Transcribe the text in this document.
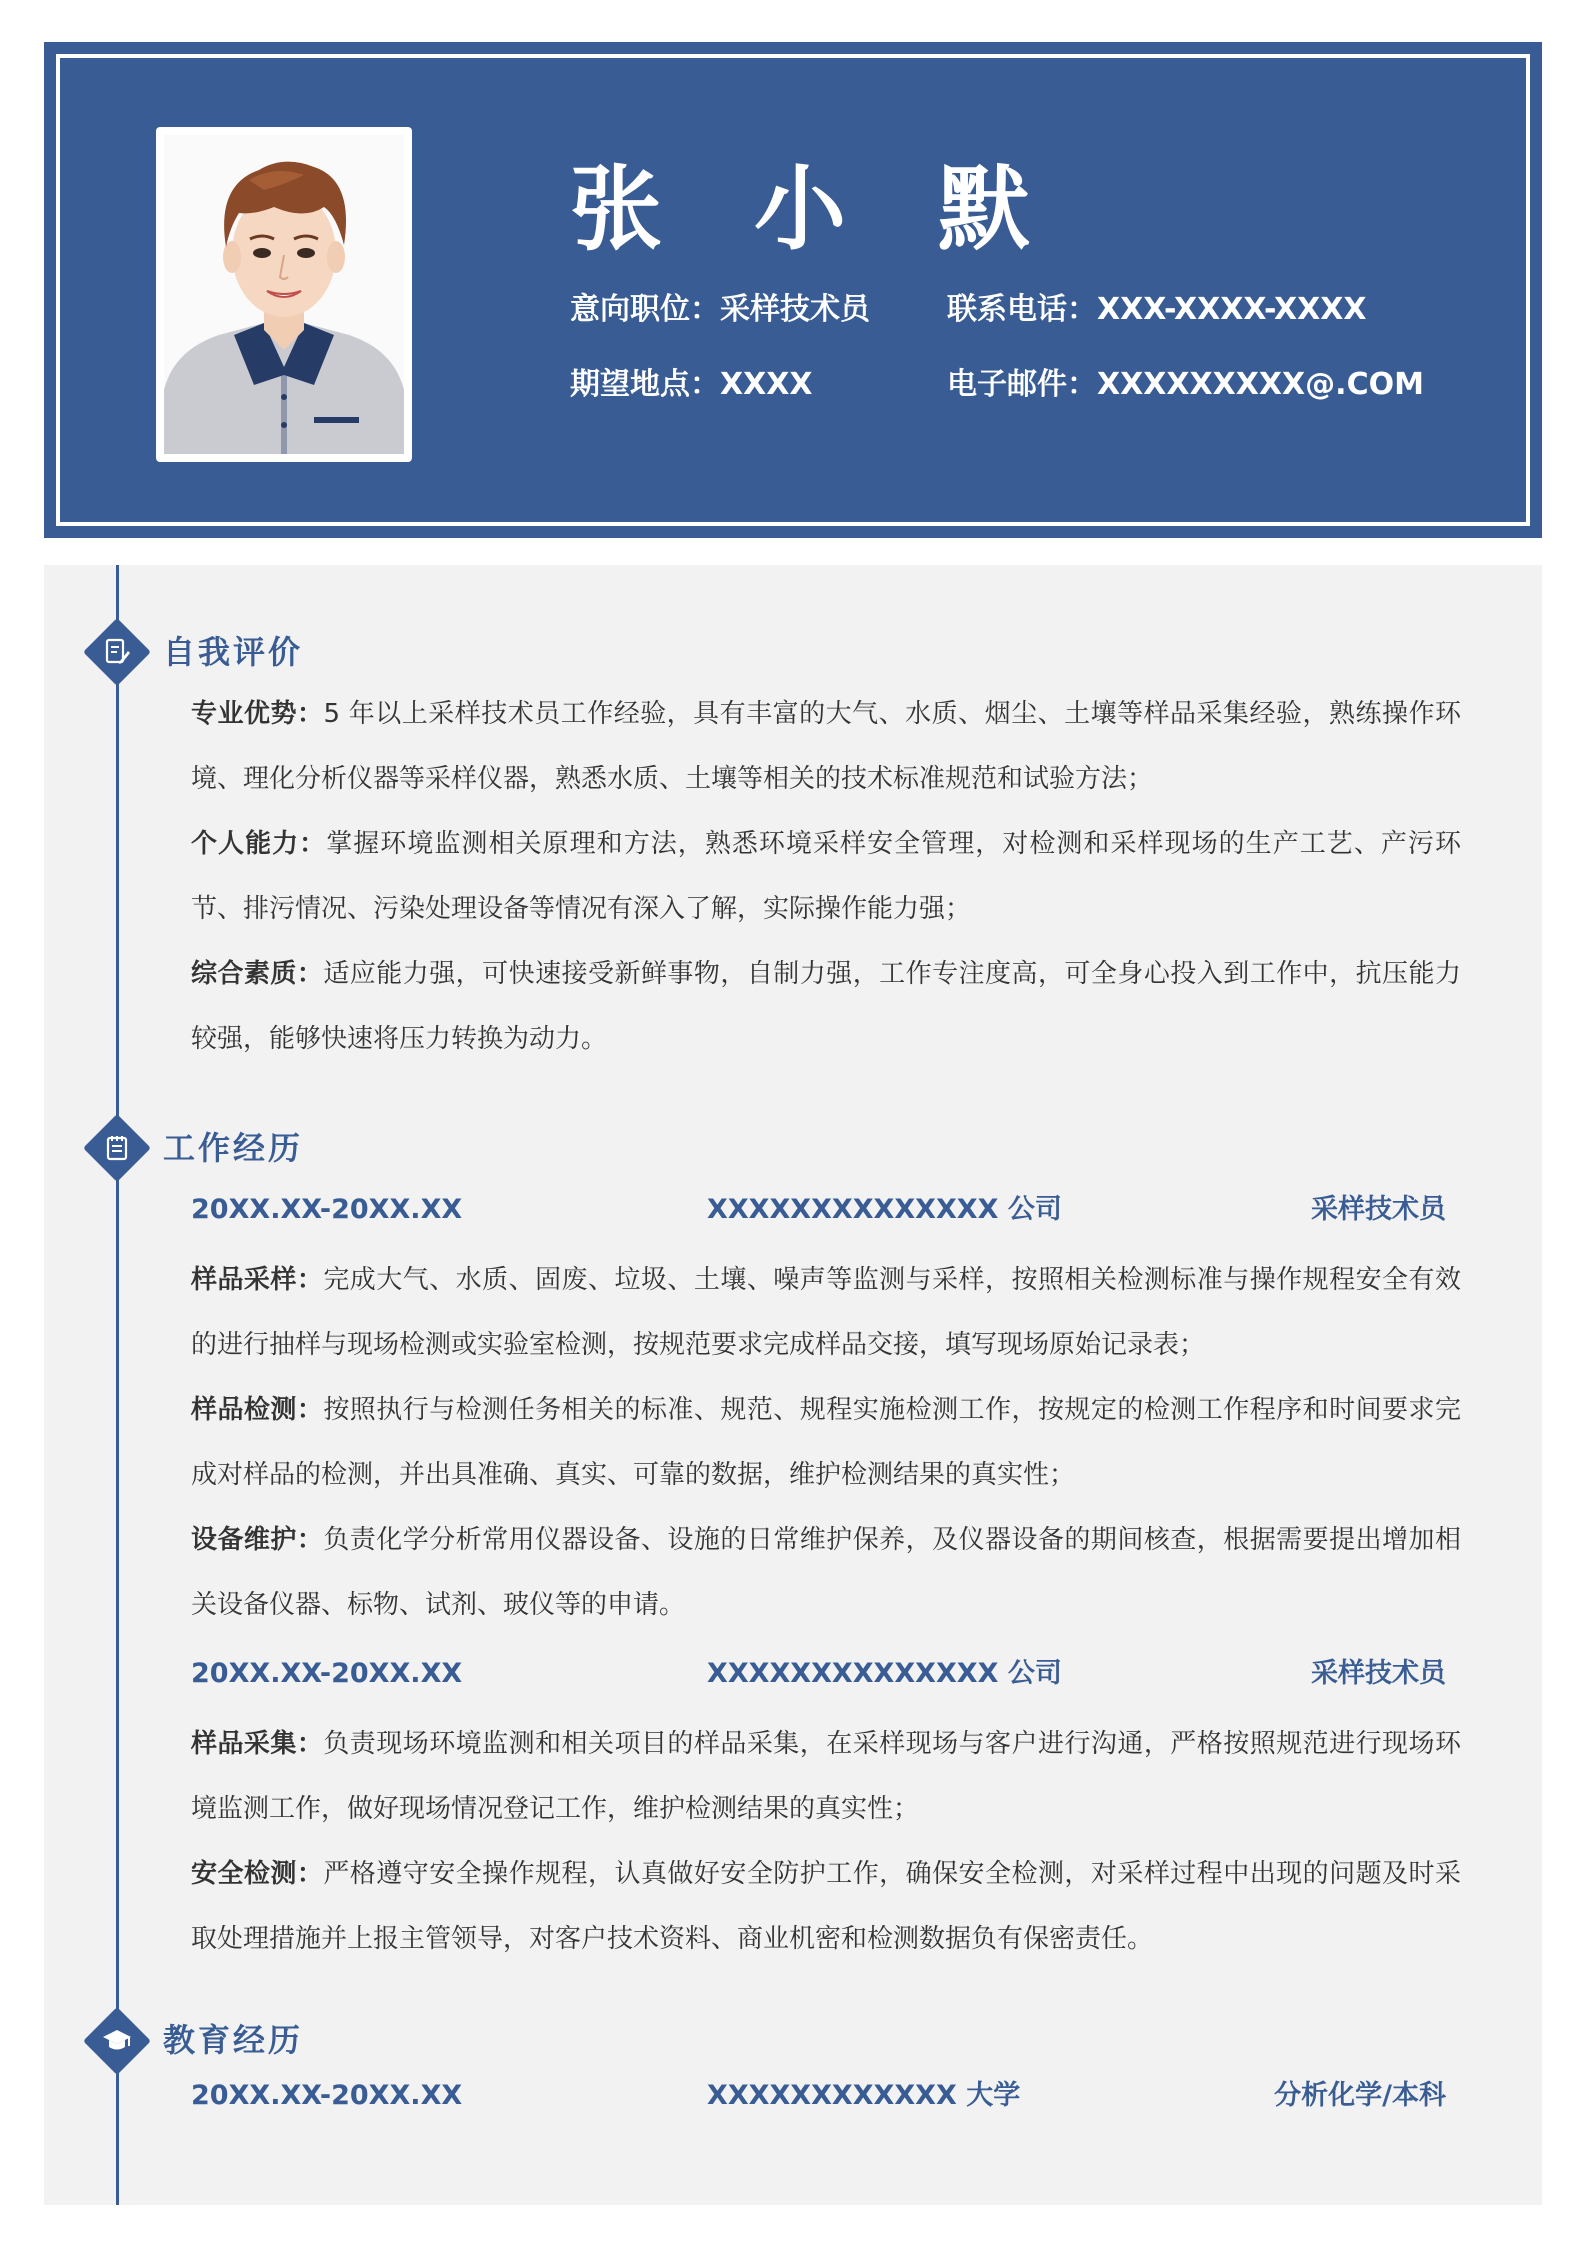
张 小 默
意向职位：采样技术员	联系电话：XXX-XXXX-XXXX
期望地点：XXXX	电子邮件：XXXXXXXXX@.COM
自我评价

专业优势：5 年以上采样技术员工作经验，具有丰富的大气、水质、烟尘、土壤等样品采集经验，熟练操作环境、理化分析仪器等采样仪器，熟悉水质、土壤等相关的技术标准规范和试验方法；

个人能力：掌握环境监测相关原理和方法，熟悉环境采样安全管理，对检测和采样现场的生产工艺、产污环节、排污情况、污染处理设备等情况有深入了解，实际操作能力强；

综合素质：适应能力强，可快速接受新鲜事物，自制力强，工作专注度高，可全身心投入到工作中，抗压能力较强，能够快速将压力转换为动力。

工作经历
20XX.XX-20XX.XX	XXXXXXXXXXXXXX 公司	采样技术员

样品采样：完成大气、水质、固废、垃圾、土壤、噪声等监测与采样，按照相关检测标准与操作规程安全有效的进行抽样与现场检测或实验室检测，按规范要求完成样品交接，填写现场原始记录表；

样品检测：按照执行与检测任务相关的标准、规范、规程实施检测工作，按规定的检测工作程序和时间要求完成对样品的检测，并出具准确、真实、可靠的数据，维护检测结果的真实性；

设备维护：负责化学分析常用仪器设备、设施的日常维护保养，及仪器设备的期间核查，根据需要提出增加相关设备仪器、标物、试剂、玻仪等的申请。

20XX.XX-20XX.XX	XXXXXXXXXXXXXX 公司	采样技术员

样品采集：负责现场环境监测和相关项目的样品采集，在采样现场与客户进行沟通，严格按照规范进行现场环境监测工作，做好现场情况登记工作，维护检测结果的真实性；

安全检测：严格遵守安全操作规程，认真做好安全防护工作，确保安全检测，对采样过程中出现的问题及时采取处理措施并上报主管领导，对客户技术资料、商业机密和检测数据负有保密责任。

教育经历
20XX.XX-20XX.XX	XXXXXXXXXXXX 大学	分析化学/本科
